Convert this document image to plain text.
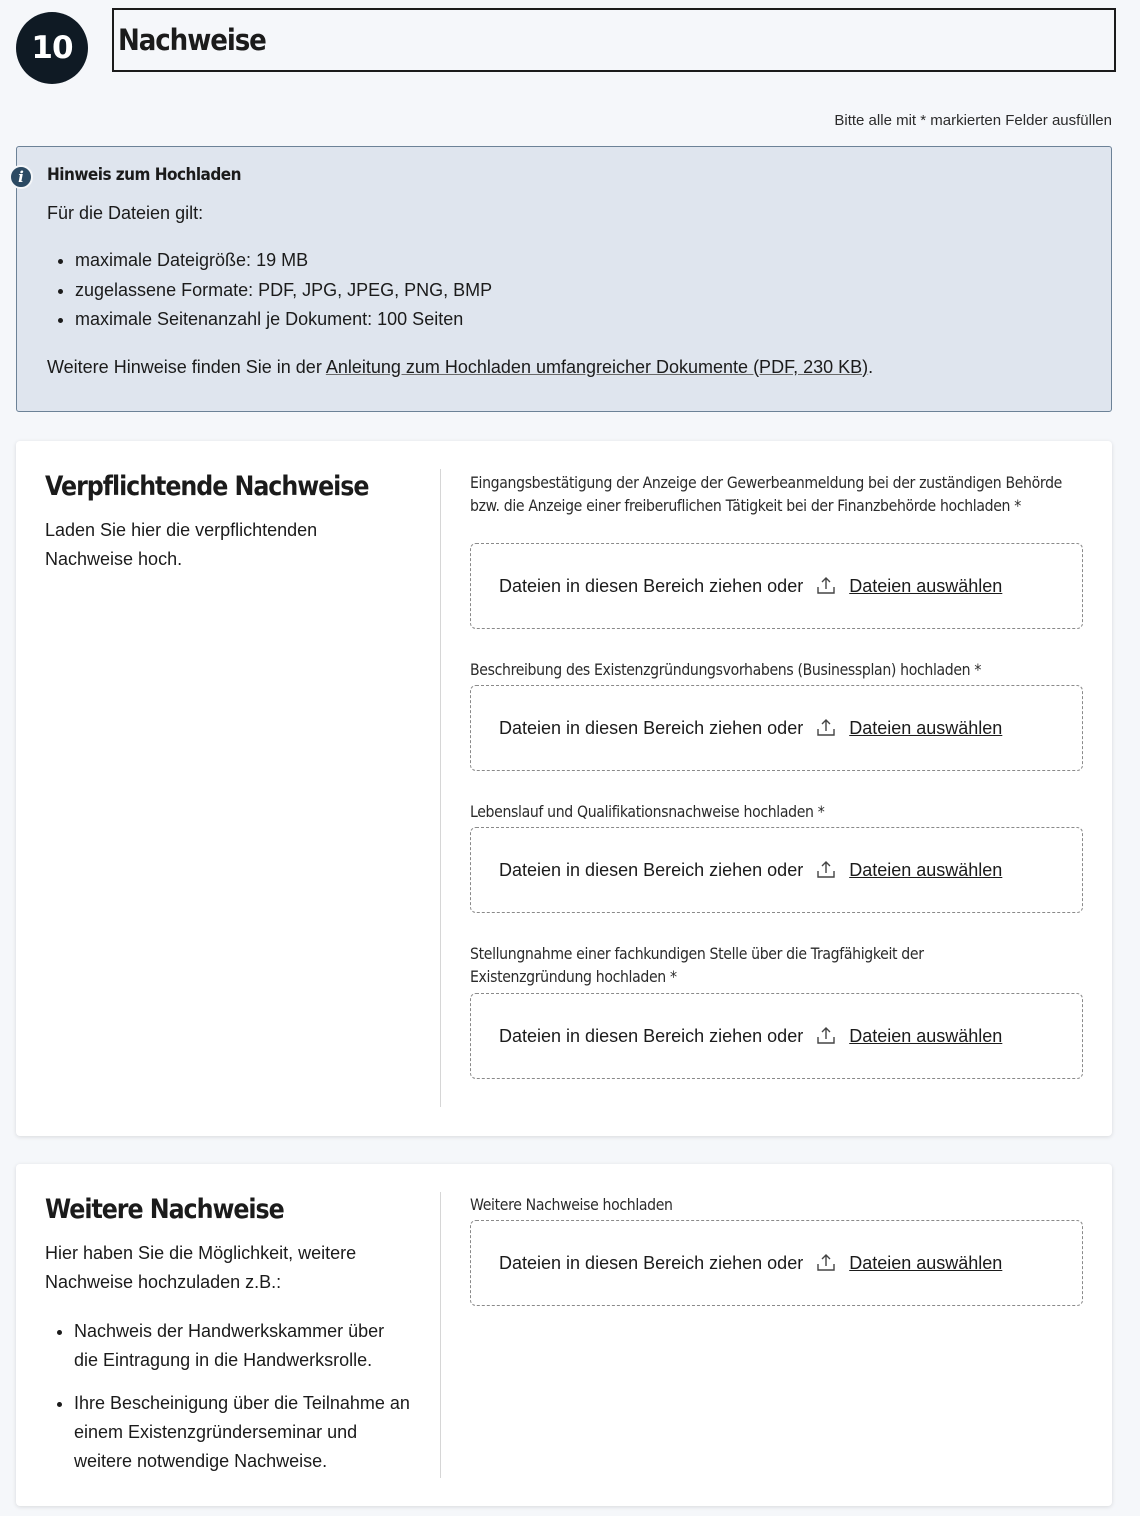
10 Nachweise
Bitte alle mit * markierten Felder ausfüllen
i	Hinweis zum Hochladen

Für die Dateien gilt:

• maximale Dateigröße: 19 MB
• zugelassene Formate: PDF, JPG, JPEG, PNG, BMP
• maximale Seitenanzahl je Dokument: 100 Seiten

Weitere Hinweise finden Sie in der Anleitung zum Hochladen umfangreicher Dokumente (PDF, 230 KB).

Verpflichtende Nachweise

Laden Sie hier die verpflichtenden Nachweise hoch.

Eingangsbestätigung der Anzeige der Gewerbeanmeldung bei der zuständigen Behörde bzw. die Anzeige einer freiberuflichen Tätigkeit bei der Finanzbehörde hochladen *
Dateien in diesen Bereich ziehen oder	Dateien auswählen
Beschreibung des Existenzgründungsvorhabens (Businessplan) hochladen *
Dateien in diesen Bereich ziehen oder	Dateien auswählen
Lebenslauf und Qualifikationsnachweise hochladen *
Dateien in diesen Bereich ziehen oder	Dateien auswählen
Stellungnahme einer fachkundigen Stelle über die Tragfähigkeit der Existenzgründung hochladen *
Dateien in diesen Bereich ziehen oder	Dateien auswählen
Weitere Nachweise

Hier haben Sie die Möglichkeit, weitere Nachweise hochzuladen z.B.:

• Nachweis der Handwerkskammer über die Eintragung in die Handwerksrolle.
• Ihre Bescheinigung über die Teilnahme an einem Existenzgründerseminar und weitere notwendige Nachweise.
Weitere Nachweise hochladen
Dateien in diesen Bereich ziehen oder	Dateien auswählen
